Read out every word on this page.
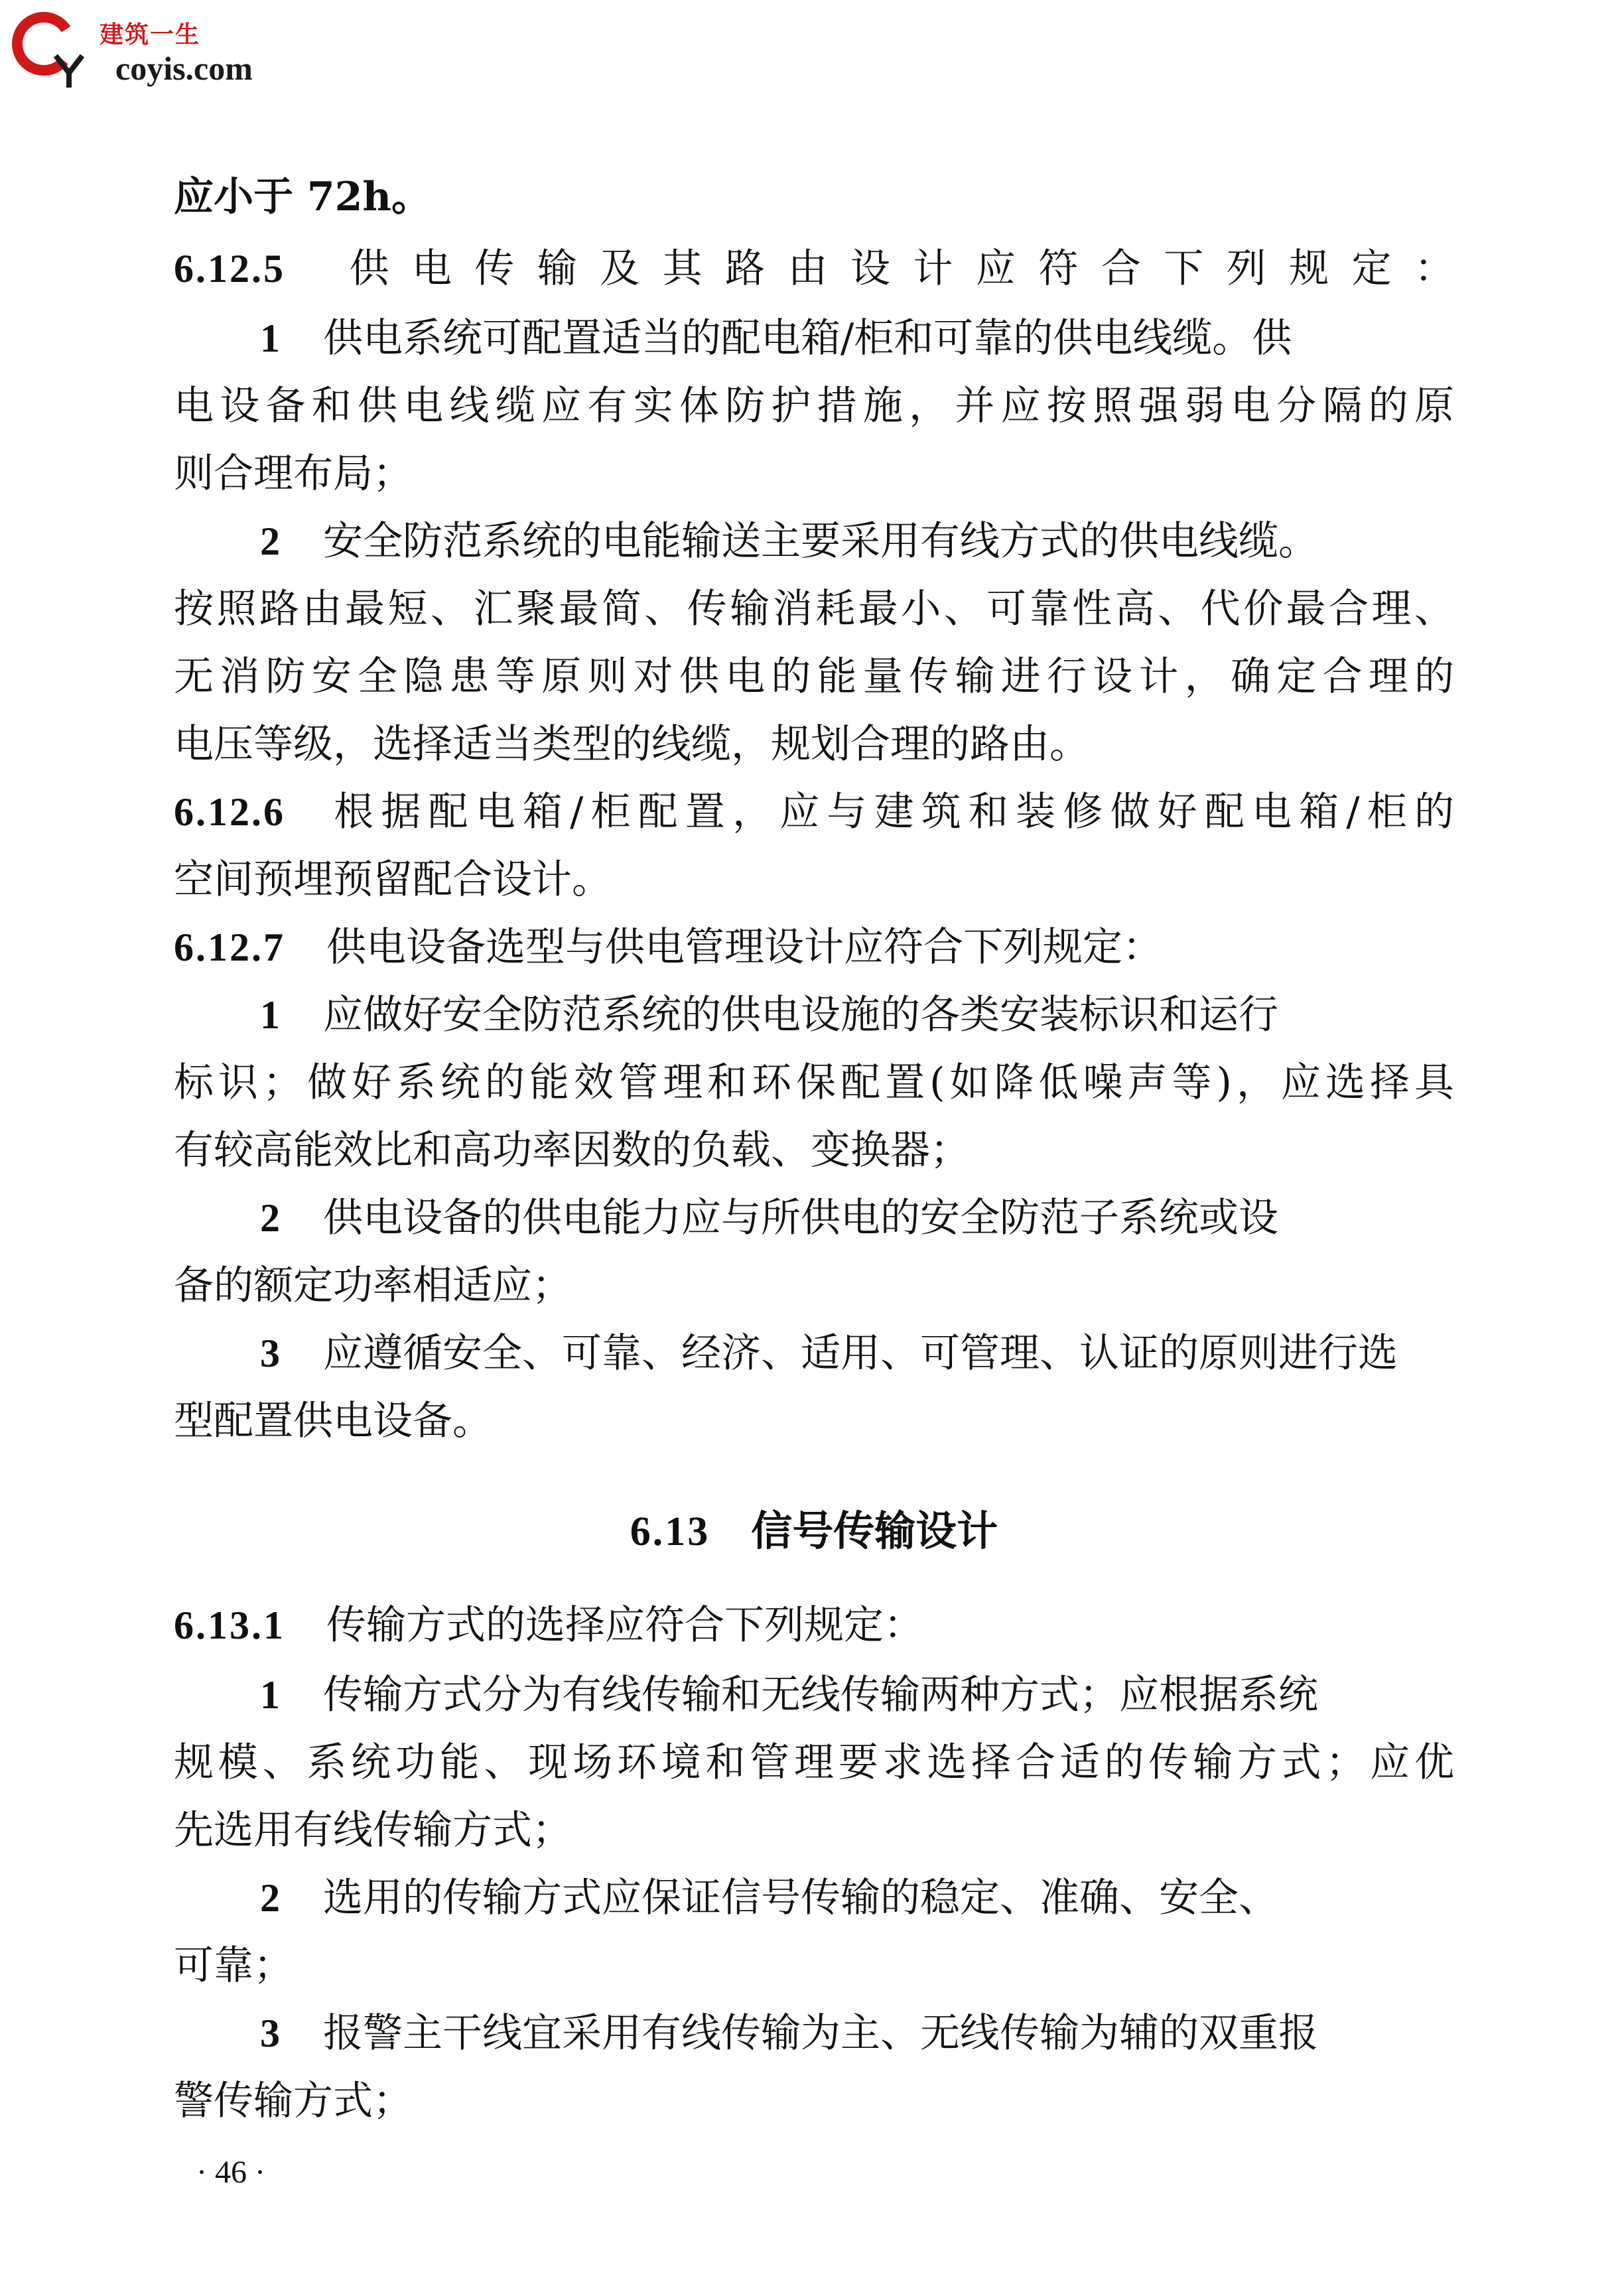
建筑一生
coyis.com
应小于 72h。
6.12.5 供电传输及其路由设计应符合下列规定：
1 供电系统可配置适当的配电箱/柜和可靠的供电线缆。供
电设备和供电线缆应有实体防护措施，并应按照强弱电分隔的原
则合理布局；
2 安全防范系统的电能输送主要采用有线方式的供电线缆。
按照路由最短、汇聚最简、传输消耗最小、可靠性高、代价最合理、
无消防安全隐患等原则对供电的能量传输进行设计，确定合理的
电压等级，选择适当类型的线缆，规划合理的路由。
6.12.6 根据配电箱/柜配置，应与建筑和装修做好配电箱/柜的
空间预埋预留配合设计。
6.12.7 供电设备选型与供电管理设计应符合下列规定：
1 应做好安全防范系统的供电设施的各类安装标识和运行
标识；做好系统的能效管理和环保配置(如降低噪声等)，应选择具
有较高能效比和高功率因数的负载、变换器；
2 供电设备的供电能力应与所供电的安全防范子系统或设
备的额定功率相适应；
3 应遵循安全、可靠、经济、适用、可管理、认证的原则进行选
型配置供电设备。
6.13 信号传输设计
6.13.1 传输方式的选择应符合下列规定：
1 传输方式分为有线传输和无线传输两种方式；应根据系统
规模、系统功能、现场环境和管理要求选择合适的传输方式；应优
先选用有线传输方式；
2 选用的传输方式应保证信号传输的稳定、准确、安全、
可靠；
3 报警主干线宜采用有线传输为主、无线传输为辅的双重报
警传输方式；
· 46 ·
